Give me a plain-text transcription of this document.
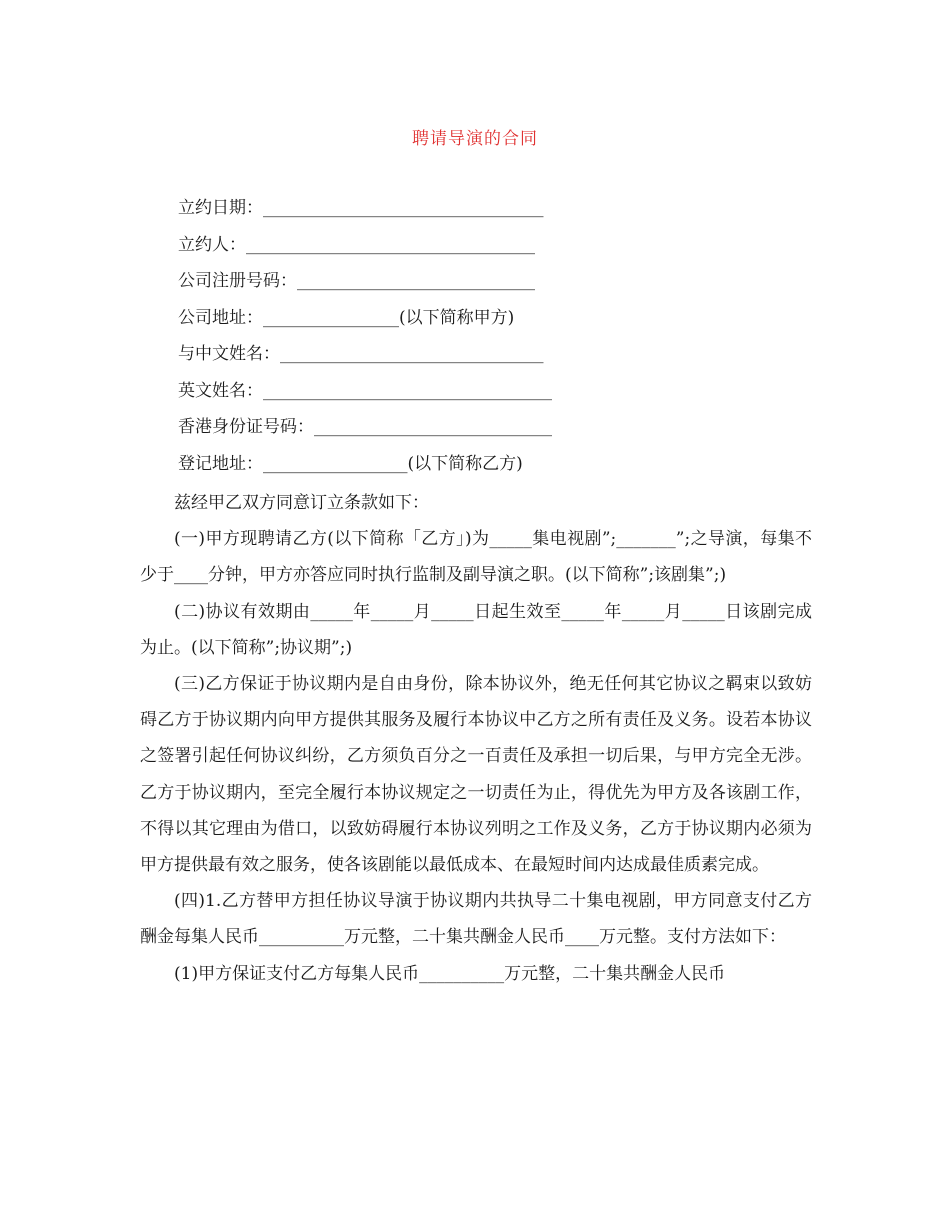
聘请导演的合同
立约日期：_________________________________
立约人：__________________________________
公司注册号码：____________________________
公司地址：________________(以下简称甲方)
与中文姓名：_______________________________
英文姓名：__________________________________
香港身份证号码：____________________________
登记地址：_________________(以下简称乙方)

兹经甲乙双方同意订立条款如下：

(一)甲方现聘请乙方(以下简称「乙方」)为_____集电视剧”;_______”;之导演，每集不少于____分钟，甲方亦答应同时执行监制及副导演之职。(以下简称”;该剧集”;)

(二)协议有效期由_____年_____月_____日起生效至_____年_____月_____日该剧完成为止。(以下简称”;协议期”;)

(三)乙方保证于协议期内是自由身份，除本协议外，绝无任何其它协议之羁束以致妨碍乙方于协议期内向甲方提供其服务及履行本协议中乙方之所有责任及义务。设若本协议之签署引起任何协议纠纷，乙方须负百分之一百责任及承担一切后果，与甲方完全无涉。乙方于协议期内，至完全履行本协议规定之一切责任为止，得优先为甲方及各该剧工作，不得以其它理由为借口，以致妨碍履行本协议列明之工作及义务，乙方于协议期内必须为甲方提供最有效之服务，使各该剧能以最低成本、在最短时间内达成最佳质素完成。

(四)1.乙方替甲方担任协议导演于协议期内共执导二十集电视剧，甲方同意支付乙方酬金每集人民币__________万元整，二十集共酬金人民币____万元整。支付方法如下：

(1)甲方保证支付乙方每集人民币__________万元整，二十集共酬金人民币
